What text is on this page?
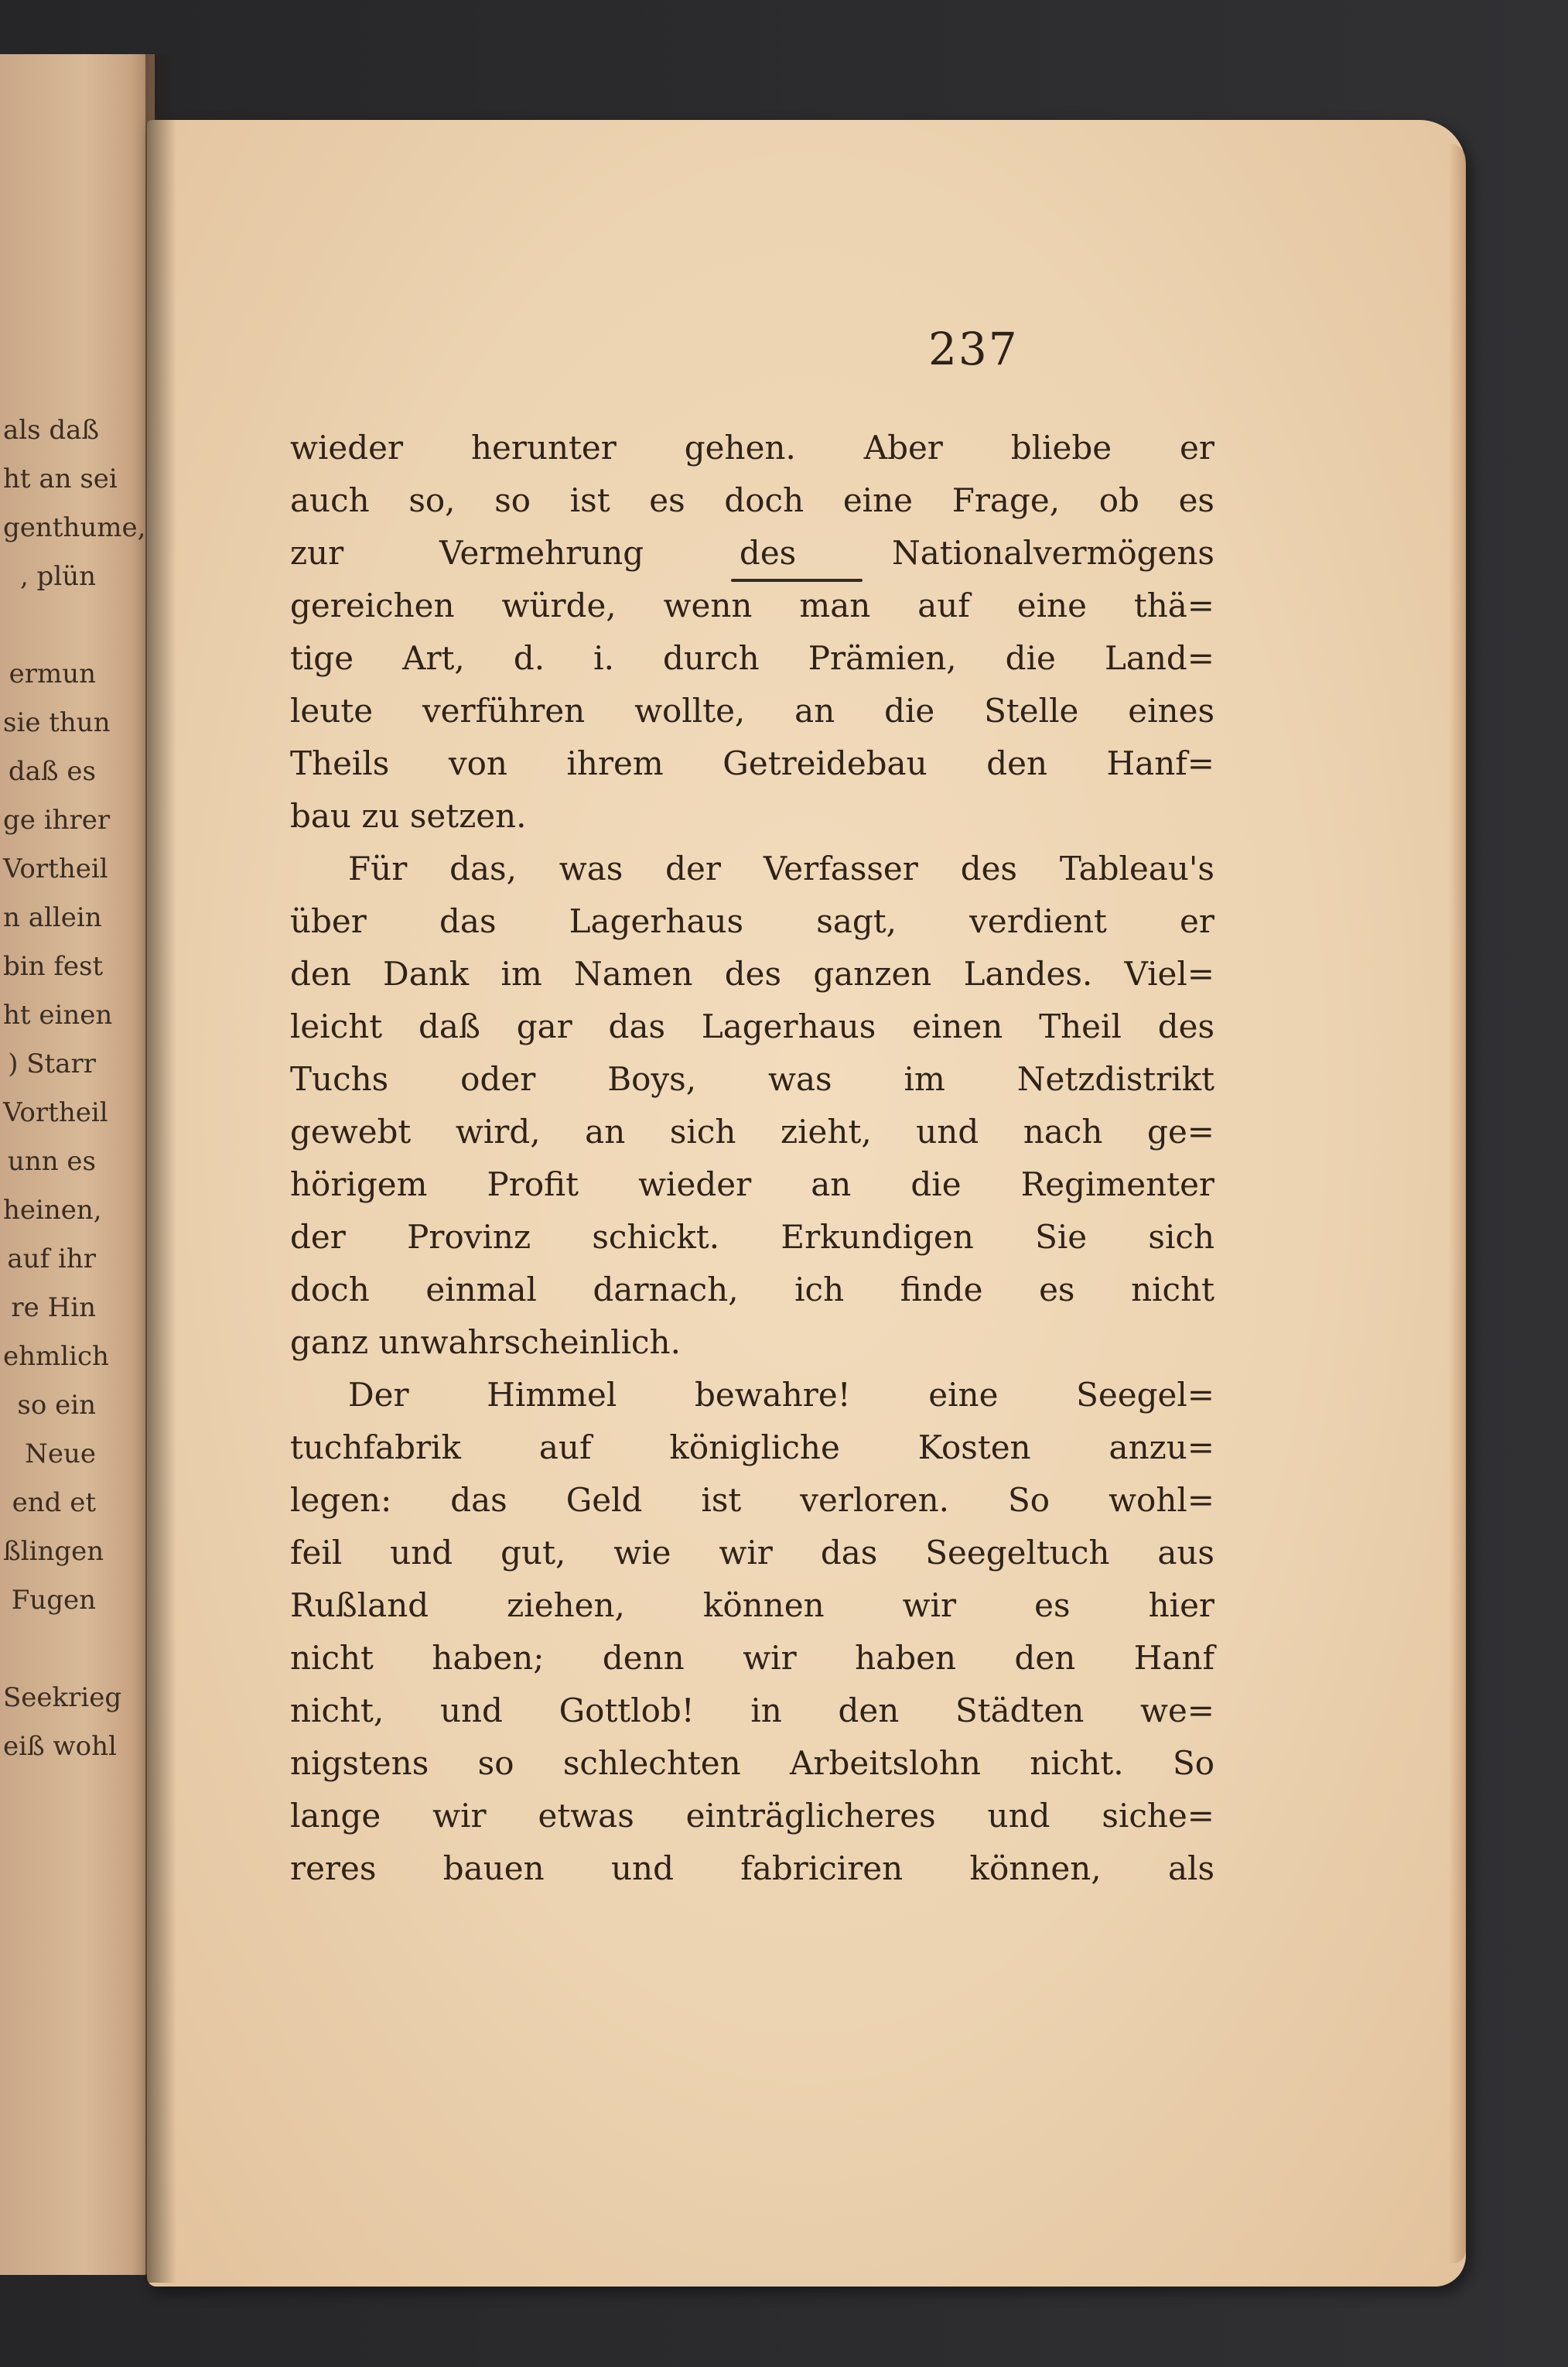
als daß
ht an sei
genthume,
, plün
ermun
sie thun
daß es
ge ihrer
Vortheil
n allein
bin fest
ht einen
) Starr
Vortheil
unn es
heinen,
auf ihr
re Hin
ehmlich
so ein
Neue
end et
ßlingen
Fugen
Seekrieg
eiß wohl
237
wieder herunter gehen. Aber bliebe er
auch so, so ist es doch eine Frage, ob es
zur Vermehrung des Nationalvermögens
gereichen würde, wenn man auf eine thä=
tige Art, d. i. durch Prämien, die Land=
leute verführen wollte, an die Stelle eines
Theils von ihrem Getreidebau den Hanf=
bau zu setzen.
Für das, was der Verfasser des Tableau's
über das Lagerhaus sagt, verdient er
den Dank im Namen des ganzen Landes. Viel=
leicht daß gar das Lagerhaus einen Theil des
Tuchs oder Boys, was im Netzdistrikt
gewebt wird, an sich zieht, und nach ge=
hörigem Profit wieder an die Regimenter
der Provinz schickt. Erkundigen Sie sich
doch einmal darnach, ich finde es nicht
ganz unwahrscheinlich.
Der Himmel bewahre! eine Seegel=
tuchfabrik auf königliche Kosten anzu=
legen: das Geld ist verloren. So wohl=
feil und gut, wie wir das Seegeltuch aus
Rußland ziehen, können wir es hier
nicht haben; denn wir haben den Hanf
nicht, und Gottlob! in den Städten we=
nigstens so schlechten Arbeitslohn nicht. So
lange wir etwas einträglicheres und siche=
reres bauen und fabriciren können, als
